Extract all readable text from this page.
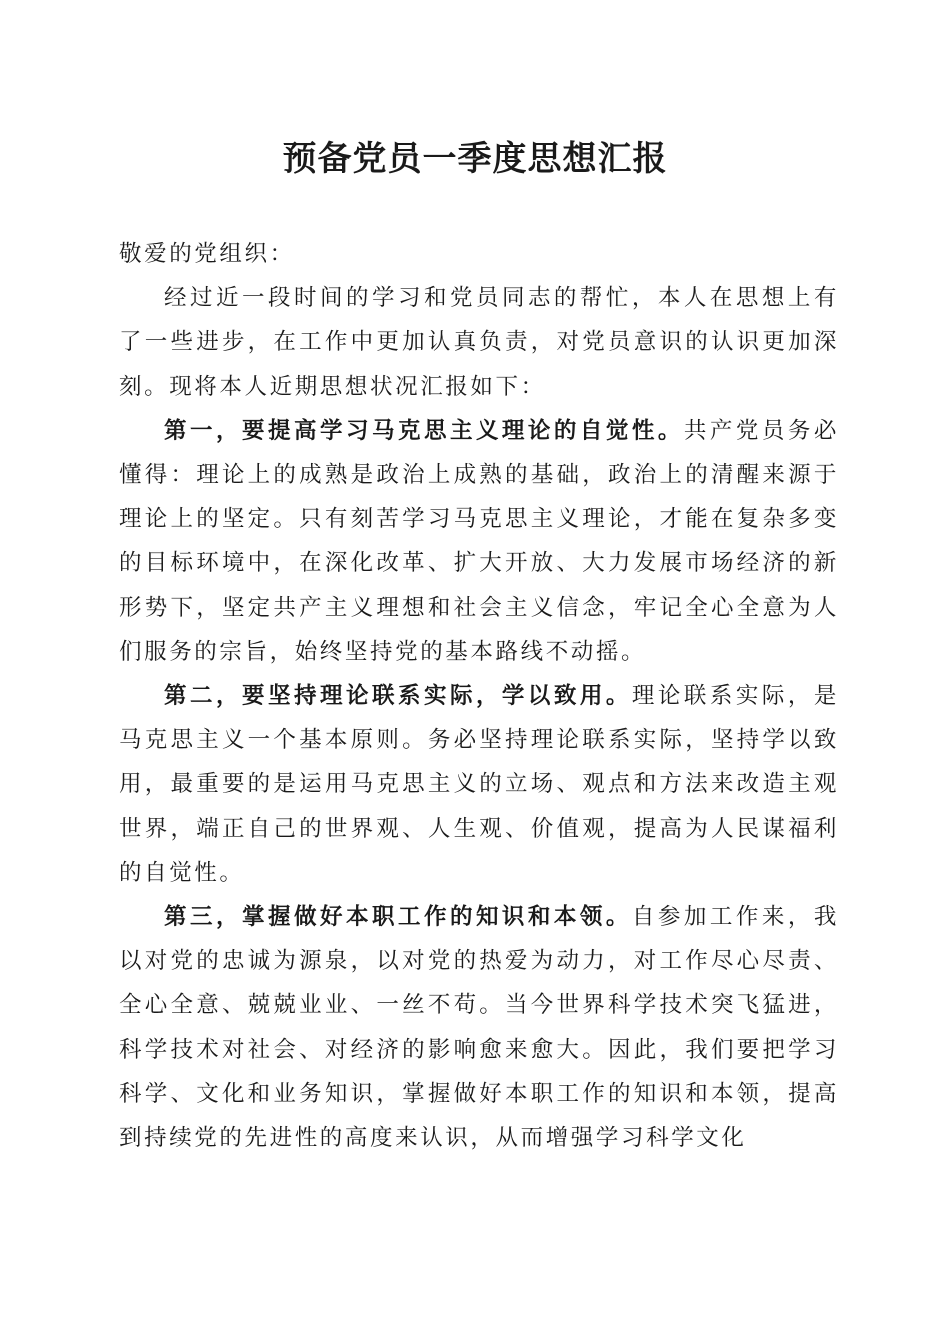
预备党员一季度思想汇报

敬爱的党组织：

经过近一段时间的学习和党员同志的帮忙，本人在思想上有了一些进步，在工作中更加认真负责，对党员意识的认识更加深刻。现将本人近期思想状况汇报如下：

第一，要提高学习马克思主义理论的自觉性。共产党员务必懂得：理论上的成熟是政治上成熟的基础，政治上的清醒来源于理论上的坚定。只有刻苦学习马克思主义理论，才能在复杂多变的目标环境中，在深化改革、扩大开放、大力发展市场经济的新形势下，坚定共产主义理想和社会主义信念，牢记全心全意为人们服务的宗旨，始终坚持党的基本路线不动摇。

第二，要坚持理论联系实际，学以致用。理论联系实际，是马克思主义一个基本原则。务必坚持理论联系实际，坚持学以致用，最重要的是运用马克思主义的立场、观点和方法来改造主观世界，端正自己的世界观、人生观、价值观，提高为人民谋福利的自觉性。

第三，掌握做好本职工作的知识和本领。自参加工作来，我以对党的忠诚为源泉，以对党的热爱为动力，对工作尽心尽责、全心全意、兢兢业业、一丝不苟。当今世界科学技术突飞猛进，科学技术对社会、对经济的影响愈来愈大。因此，我们要把学习科学、文化和业务知识，掌握做好本职工作的知识和本领，提高到持续党的先进性的高度来认识，从而增强学习科学文化
